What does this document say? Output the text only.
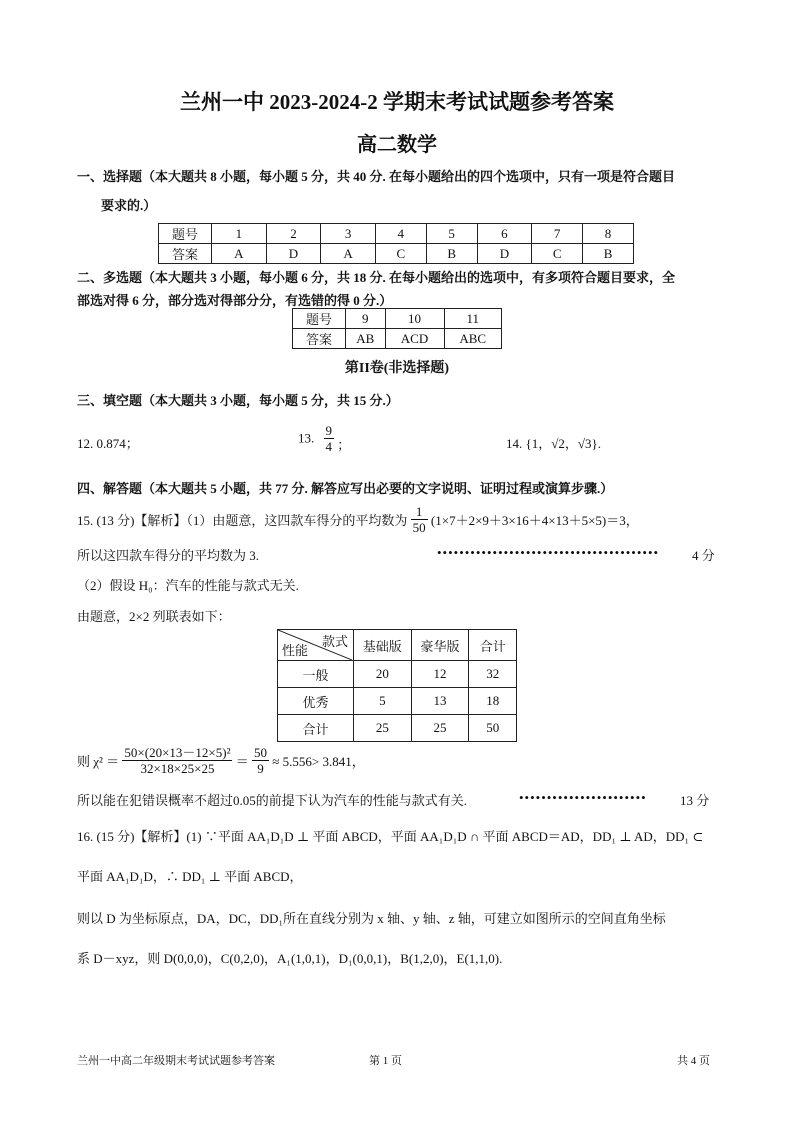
兰州一中 2023-2024-2 学期末考试试题参考答案
高二数学
一、选择题（本大题共 8 小题，每小题 5 分，共 40 分. 在每小题给出的四个选项中，只有一项是符合题目
要求的.）
题号	1	2	3	4	5	6	7	8
答案	A	D	A	C	B	D	C	B
二、多选题（本大题共 3 小题，每小题 6 分，共 18 分. 在每小题给出的选项中，有多项符合题目要求，全
部选对得 6 分，部分选对得部分分，有选错的得 0 分.）
题号	9	10	11
答案	AB	ACD	ABC
第II卷(非选择题)
三、填空题（本大题共 3 小题，每小题 5 分，共 15 分.）
12. 0.874；	13. $\frac{9}{4}$ ；	14. {1，√2，√3}.
四、解答题（本大题共 5 小题，共 77 分. 解答应写出必要的文字说明、证明过程或演算步骤.）
15. (13 分)【解析】（1）由题意，这四款车得分的平均数为 $\frac{1}{50} (1\times 7+2\times 9+3\times 16+4\times 13+5\times 5)=3$，
所以这四款车得分的平均数为 3.	••••••••••••••••••••••••••••••••••••••••	4 分
（2）假设 H₀：汽车的性能与款式无关.
由题意，2×2 列联表如下：
款式
性能	基础版	豪华版	合计
一般	20	12	32
优秀	5	13	18
合计	25	25	50
则 $\chi^2 = \frac{\text{50×(20×13－12×5)²}}{32\times 18\times 25\times 25} = \frac{50}{9} \approx 5.556> 3.841$，
所以能在犯错误概率不超过0.05的前提下认为汽车的性能与款式有关.	•••••••••••••••••••••••	13 分
16. (15 分)【解析】(1) ∵平面 AA₁D₁D ⊥ 平面 ABCD，平面 AA₁D₁D ∩ 平面 ABCD＝AD，DD₁ ⊥ AD，DD₁ ⊂
平面 AA₁D₁D，∴ DD₁ ⊥ 平面 ABCD，
则以 D 为坐标原点，DA，DC，DD₁所在直线分别为 x 轴、y 轴、z 轴，可建立如图所示的空间直角坐标
系 D－xyz，则 D(0,0,0)，C(0,2,0)，A₁(1,0,1)，D₁(0,0,1)，B(1,2,0)，E(1,1,0).
兰州一中高二年级期末考试试题参考答案	第 1 页	共 4 页
